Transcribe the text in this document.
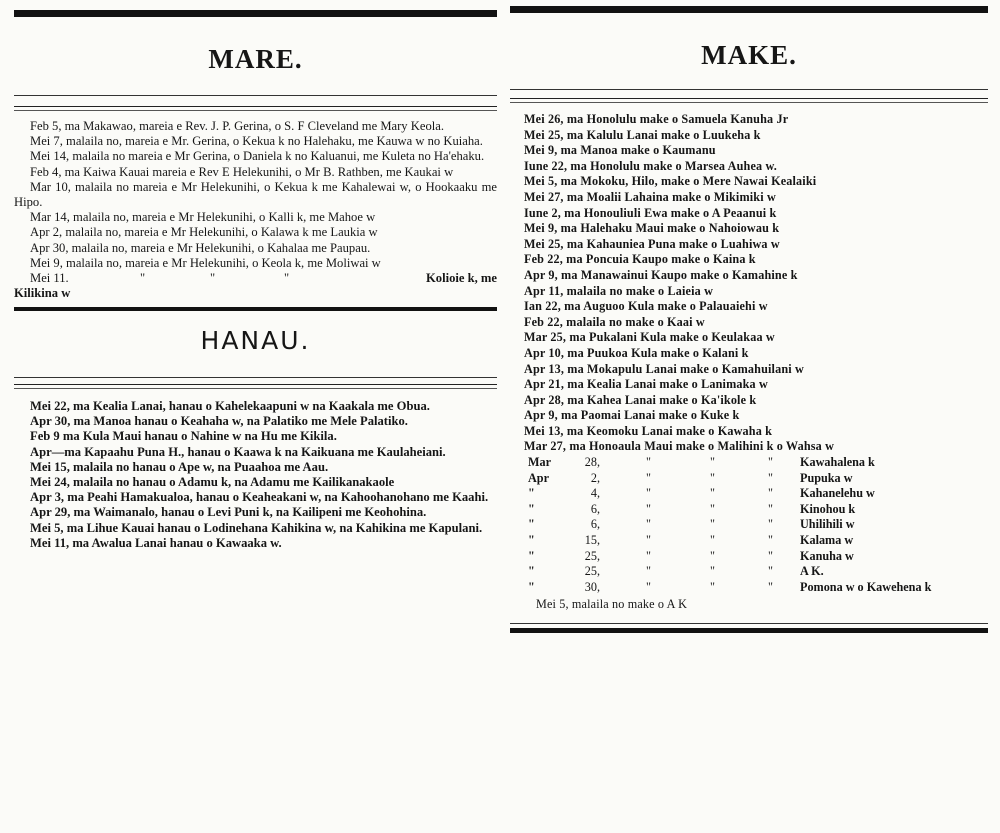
MARE.

Feb 5, ma Makawao, mareia e Rev. J. P. Gerina, o S. F Cleveland me Mary Keola.

Mei 7, malaila no, mareia e Mr. Gerina, o Kekua k no Halehaku, me Kauwa w no Kuiaha.

Mei 14, malaila no mareia e Mr Gerina, o Daniela k no Kaluanui, me Kuleta no Ha'ehaku.

Feb 4, ma Kaiwa Kauai mareia e Rev E Helekunihi, o Mr B. Rathben, me Kaukai w

Mar 10, malaila no mareia e Mr Helekunihi, o Kekua k me Kahalewai w, o Hookaaku me Hipo.

Mar 14, malaila no, mareia e Mr Helekunihi, o Kalli k, me Mahoe w

Apr 2, malaila no, mareia e Mr Helekunihi, o Kalawa k me Laukia w

Apr 30, malaila no, mareia e Mr Helekunihi, o Kahalaa me Paupau.

Mei 9, malaila no, mareia e Mr Helekunihi, o Keola k, me Moliwai w

Mei 11.	"	"	"	Kolioie k, me
Kilikina w
HANAU.

Mei 22, ma Kealia Lanai, hanau o Kahelekaapuni w na Kaakala me Obua.

Apr 30, ma Manoa hanau o Keahaha w, na Palatiko me Mele Palatiko.

Feb 9 ma Kula Maui hanau o Nahine w na Hu me Kikila.

Apr—ma Kapaahu Puna H., hanau o Kaawa k na Kaikuana me Kaulaheiani.

Mei 15, malaila no hanau o Ape w, na Puaahoa me Aau.

Mei 24, malaila no hanau o Adamu k, na Adamu me Kailikanakaole

Apr 3, ma Peahi Hamakualoa, hanau o Keaheakani w, na Kahoohanohano me Kaahi.

Apr 29, ma Waimanalo, hanau o Levi Puni k, na Kailipeni me Keohohina.

Mei 5, ma Lihue Kauai hanau o Lodinehana Kahikina w, na Kahikina me Kapulani.

Mei 11, ma Awalua Lanai hanau o Kawaaka w.

MAKE.

Mei 26, ma Honolulu make o Samuela Kanuha Jr

Mei 25, ma Kalulu Lanai make o Luukeha k

Mei 9, ma Manoa make o Kaumanu

Iune 22, ma Honolulu make o Marsea Auhea w.

Mei 5, ma Mokoku, Hilo, make o Mere Nawai Kealaiki

Mei 27, ma Moalii Lahaina make o Mikimiki w

Iune 2, ma Honouliuli Ewa make o A Peaanui k

Mei 9, ma Halehaku Maui make o Nahoiowau k

Mei 25, ma Kahauniea Puna make o Luahiwa w

Feb 22, ma Poncuia Kaupo make o Kaina k

Apr 9, ma Manawainui Kaupo make o Kamahine k

Apr 11, malaila no make o Laieia w

Ian 22, ma Auguoo Kula make o Palauaiehi w

Feb 22, malaila no make o Kaai w

Mar 25, ma Pukalani Kula make o Keulakaa w

Apr 10, ma Puukoa Kula make o Kalani k

Apr 13, ma Mokapulu Lanai make o Kamahuilani w

Apr 21, ma Kealia Lanai make o Lanimaka w

Apr 28, ma Kahea Lanai make o Ka'ikole k

Apr 9, ma Paomai Lanai make o Kuke k

Mei 13, ma Keomoku Lanai make o Kawaha k

Mar 27, ma Honoaula Maui make o Malihini k o Wahsa w

Mar	28,	"	"	" Kawahalena k
Apr	2,	"	"	" Pupuka w
"	4,	"	"	" Kahanelehu w
"	6,	"	"	" Kinohou k
"	6,	"	"	" Uhilihili w
"	15,	"	"	" Kalama w
"	25,	"	"	" Kanuha w
"	25,	"	"	" A K.
"	30,	"	"	" Pomona w o Kawehena k

Mei 5, malaila no make o A K
